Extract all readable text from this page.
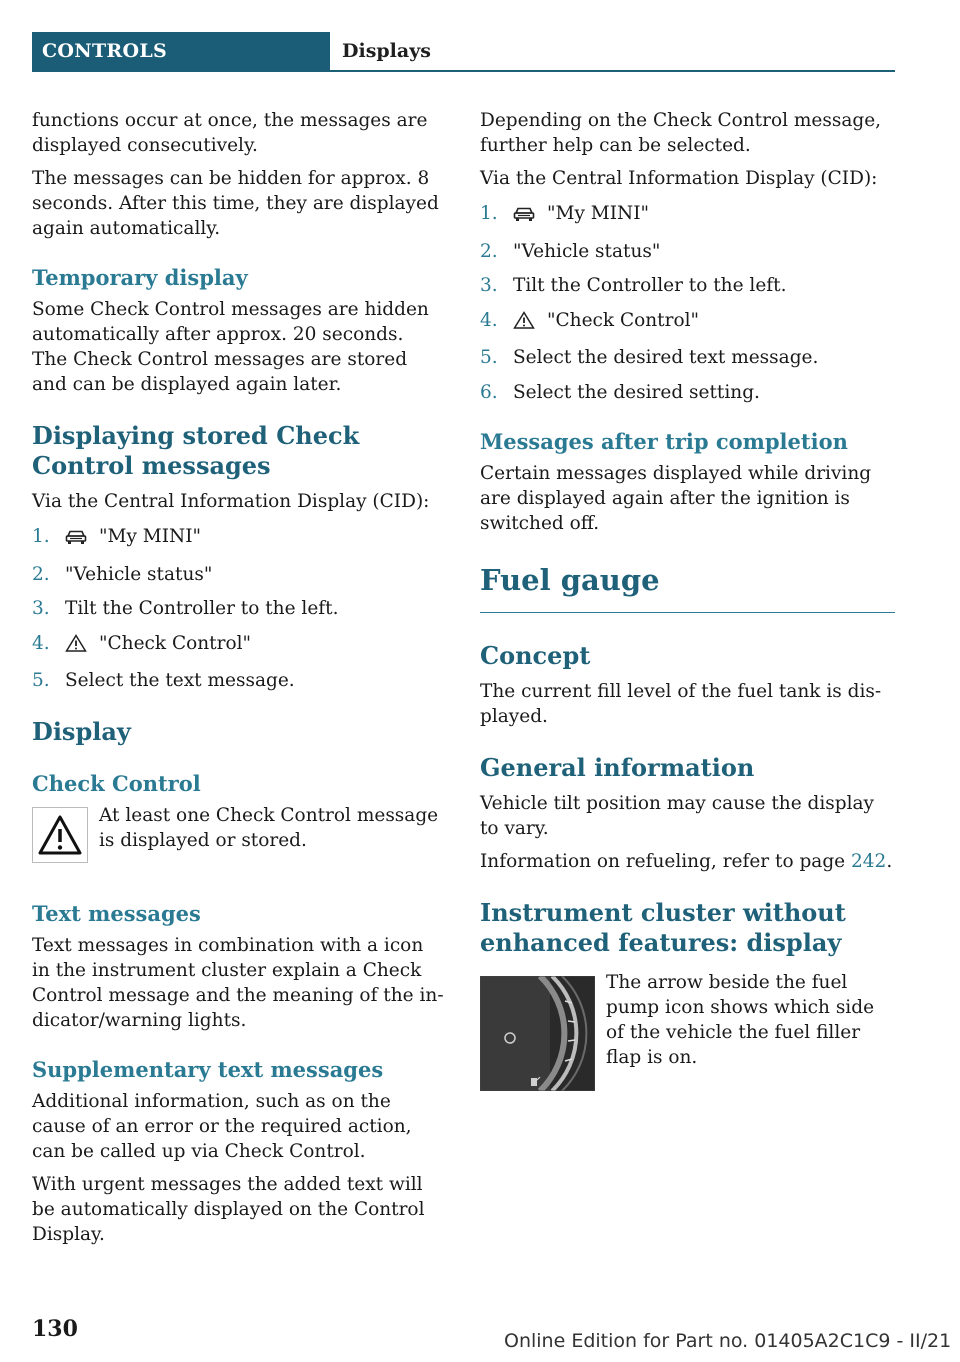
CONTROLS	Displays

functions occur at once, the messages are displayed consecutively.

The messages can be hidden for approx. 8 seconds. After this time, they are displayed again automatically.

Temporary display

Some Check Control messages are hidden automatically after approx. 20 seconds. The Check Control messages are stored and can be displayed again later.

Displaying stored Check Control messages

Via the Central Information Display (CID):

1.	"My MINI"
2. "Vehicle status"
3. Tilt the Controller to the left.
4.	"Check Control"
5. Select the text message.
Display
Check Control
At least one Check Control message is displayed or stored.
Text messages

Text messages in combination with a icon in the instrument cluster explain a Check Control message and the meaning of the indicator/warning lights.

Supplementary text messages

Additional information, such as on the cause of an error or the required action, can be called up via Check Control.

With urgent messages the added text will be automatically displayed on the Control Display.

Depending on the Check Control message, further help can be selected.

Via the Central Information Display (CID):

1.	"My MINI"
2. "Vehicle status"
3. Tilt the Controller to the left.
4.	"Check Control"
5. Select the desired text message.
6. Select the desired setting.
Messages after trip completion

Certain messages displayed while driving are displayed again after the ignition is switched off.

Fuel gauge
Concept

The current fill level of the fuel tank is displayed.

General information

Vehicle tilt position may cause the display to vary.

Information on refueling, refer to page 242.

Instrument cluster without enhanced features: display
The arrow beside the fuel pump icon shows which side of the vehicle the fuel filler flap is on.
130	Online Edition for Part no. 01405A2C1C9 - II/21
